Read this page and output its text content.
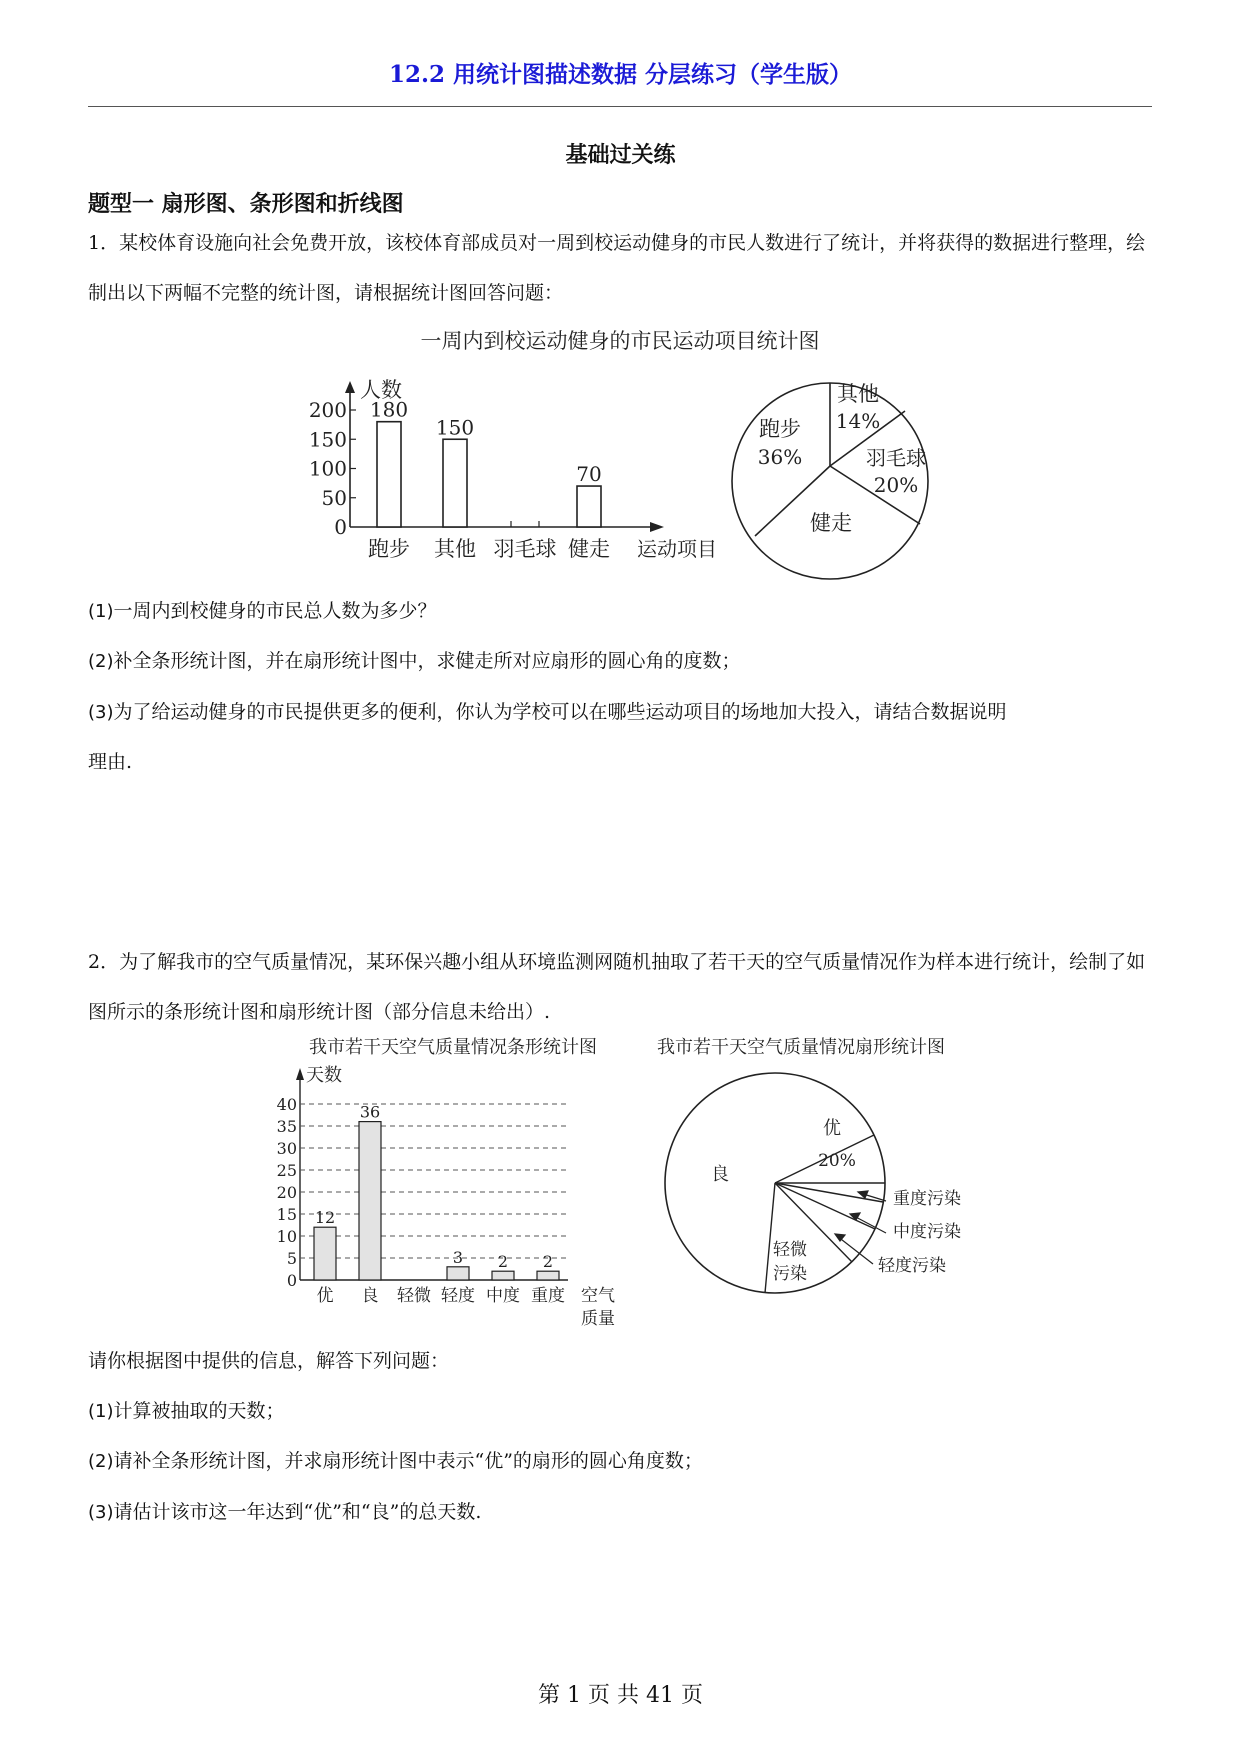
12.2 用统计图描述数据 分层练习（学生版）
基础过关练
题型一 扇形图、条形图和折线图
1．某校体育设施向社会免费开放，该校体育部成员对一周到校运动健身的市民人数进行了统计，并将获得的数据进行整理，绘制出以下两幅不完整的统计图，请根据统计图回答问题：
一周内到校运动健身的市民运动项目统计图
人数
运动项目
0
50
100
150
200
跑步
180
其他
150
羽毛球 健走
70
其他
14%
羽毛球
20%
健走
跑步
36%
我市若干天空气质量情况条形统计图
天数
空气
质量
0
5
10
15
20
25
30
35
40
优
12
良
36
轻微 轻度
3
中度
2
重度
2
我市若干天空气质量情况扇形统计图
优
20%
良
轻微
污染
重度污染
中度污染
轻度污染
(1)一周内到校健身的市民总人数为多少？
(2)补全条形统计图，并在扇形统计图中，求健走所对应扇形的圆心角的度数；
(3)为了给运动健身的市民提供更多的便利，你认为学校可以在哪些运动项目的场地加大投入，请结合数据说明
理由.
2．为了解我市的空气质量情况，某环保兴趣小组从环境监测网随机抽取了若干天的空气质量情况作为样本进行统计，绘制了如图所示的条形统计图和扇形统计图（部分信息未给出）.
请你根据图中提供的信息，解答下列问题：
(1)计算被抽取的天数；
(2)请补全条形统计图，并求扇形统计图中表示“优”的扇形的圆心角度数；
(3)请估计该市这一年达到“优”和“良”的总天数.
第 1 页 共 41 页
